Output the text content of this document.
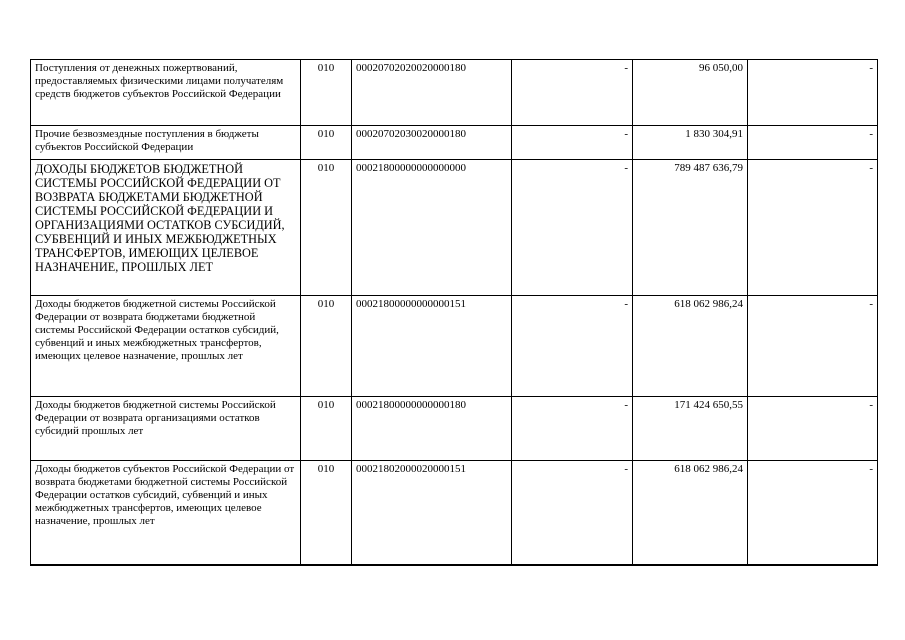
Поступления от денежных пожертвований, предоставляемых физическими лицами получателям средств бюджетов субъектов Российской Федерации	010	00020702020020000180	-	96 050,00	-
Прочие безвозмездные поступления в бюджеты субъектов Российской Федерации	010	00020702030020000180	-	1 830 304,91	-
ДОХОДЫ БЮДЖЕТОВ БЮДЖЕТНОЙ СИСТЕМЫ РОССИЙСКОЙ ФЕДЕРАЦИИ ОТ ВОЗВРАТА БЮДЖЕТАМИ БЮДЖЕТНОЙ СИСТЕМЫ РОССИЙСКОЙ ФЕДЕРАЦИИ И ОРГАНИЗАЦИЯМИ ОСТАТКОВ СУБСИДИЙ, СУБВЕНЦИЙ И ИНЫХ МЕЖБЮДЖЕТНЫХ ТРАНСФЕРТОВ, ИМЕЮЩИХ ЦЕЛЕВОЕ НАЗНАЧЕНИЕ, ПРОШЛЫХ ЛЕТ	010	00021800000000000000	-	789 487 636,79	-
Доходы бюджетов бюджетной системы Российской Федерации от возврата бюджетами бюджетной системы Российской Федерации остатков субсидий, субвенций и иных межбюджетных трансфертов, имеющих целевое назначение, прошлых лет	010	00021800000000000151	-	618 062 986,24	-
Доходы бюджетов бюджетной системы Российской Федерации от возврата организациями остатков субсидий прошлых лет	010	00021800000000000180	-	171 424 650,55	-
Доходы бюджетов субъектов Российской Федерации от возврата бюджетами бюджетной системы Российской Федерации остатков субсидий, субвенций и иных межбюджетных трансфертов, имеющих целевое назначение, прошлых лет	010	00021802000020000151	-	618 062 986,24	-
